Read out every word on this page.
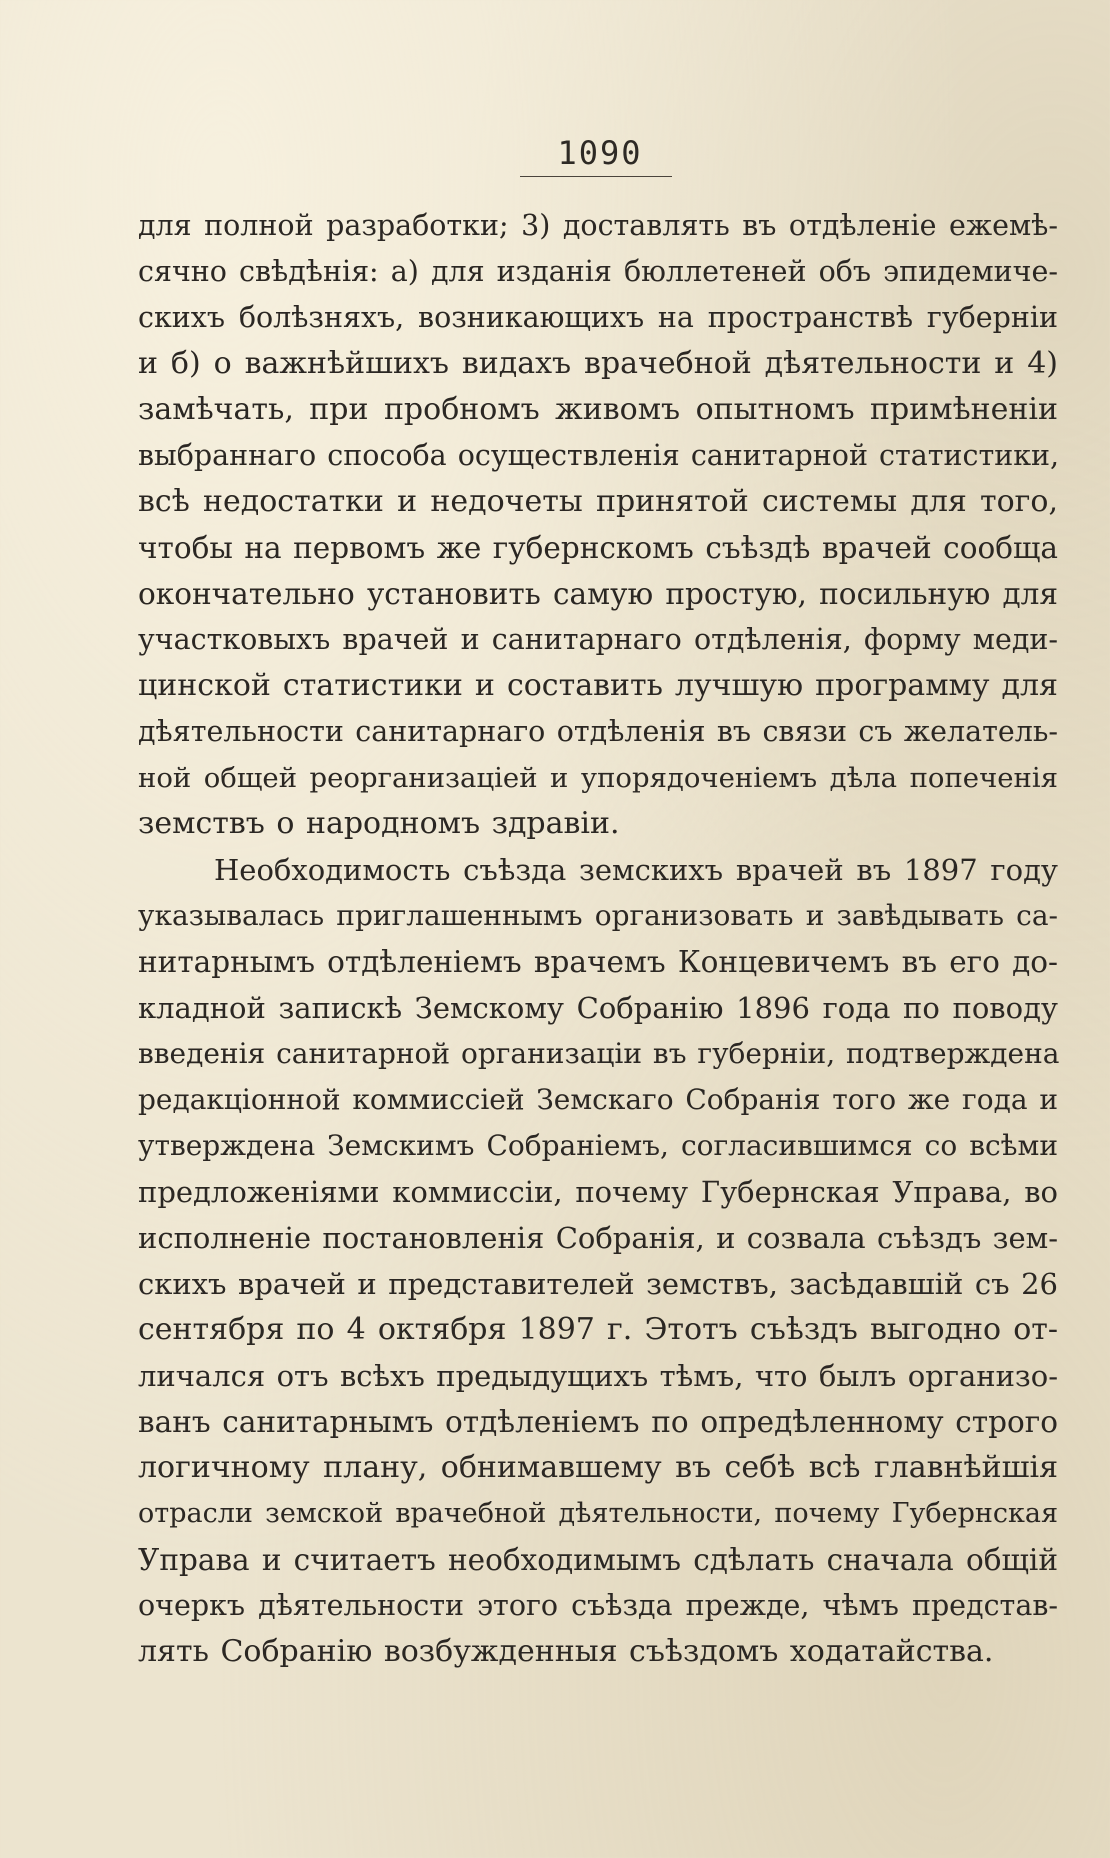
1090
для полной разработки; 3) доставлять въ отдѣленіе ежемѣ-
сячно свѣдѣнія: а) для изданія бюллетеней объ эпидемиче-
скихъ болѣзняхъ, возникающихъ на пространствѣ губерніи
и б) о важнѣйшихъ видахъ врачебной дѣятельности и 4)
замѣчать, при пробномъ живомъ опытномъ примѣненіи
выбраннаго способа осуществленія санитарной статистики,
всѣ недостатки и недочеты принятой системы для того,
чтобы на первомъ же губернскомъ съѣздѣ врачей сообща
окончательно установить самую простую, посильную для
участковыхъ врачей и санитарнаго отдѣленія, форму меди-
цинской статистики и составить лучшую программу для
дѣятельности санитарнаго отдѣленія въ связи съ желатель-
ной общей реорганизаціей и упорядоченіемъ дѣла попеченія
земствъ о народномъ здравіи.
Необходимость съѣзда земскихъ врачей въ 1897 году
указывалась приглашеннымъ организовать и завѣдывать са-
нитарнымъ отдѣленіемъ врачемъ Концевичемъ въ его до-
кладной запискѣ Земскому Собранію 1896 года по поводу
введенія санитарной организаціи въ губерніи, подтверждена
редакціонной коммиссіей Земскаго Собранія того же года и
утверждена Земскимъ Собраніемъ, согласившимся со всѣми
предложеніями коммиссіи, почему Губернская Управа, во
исполненіе постановленія Собранія, и созвала съѣздъ зем-
скихъ врачей и представителей земствъ, засѣдавшій съ 26
сентября по 4 октября 1897 г. Этотъ съѣздъ выгодно от-
личался отъ всѣхъ предыдущихъ тѣмъ, что былъ организо-
ванъ санитарнымъ отдѣленіемъ по опредѣленному строго
логичному плану, обнимавшему въ себѣ всѣ главнѣйшія
отрасли земской врачебной дѣятельности, почему Губернская
Управа и считаетъ необходимымъ сдѣлать сначала общій
очеркъ дѣятельности этого съѣзда прежде, чѣмъ представ-
лять Собранію возбужденныя съѣздомъ ходатайства.
